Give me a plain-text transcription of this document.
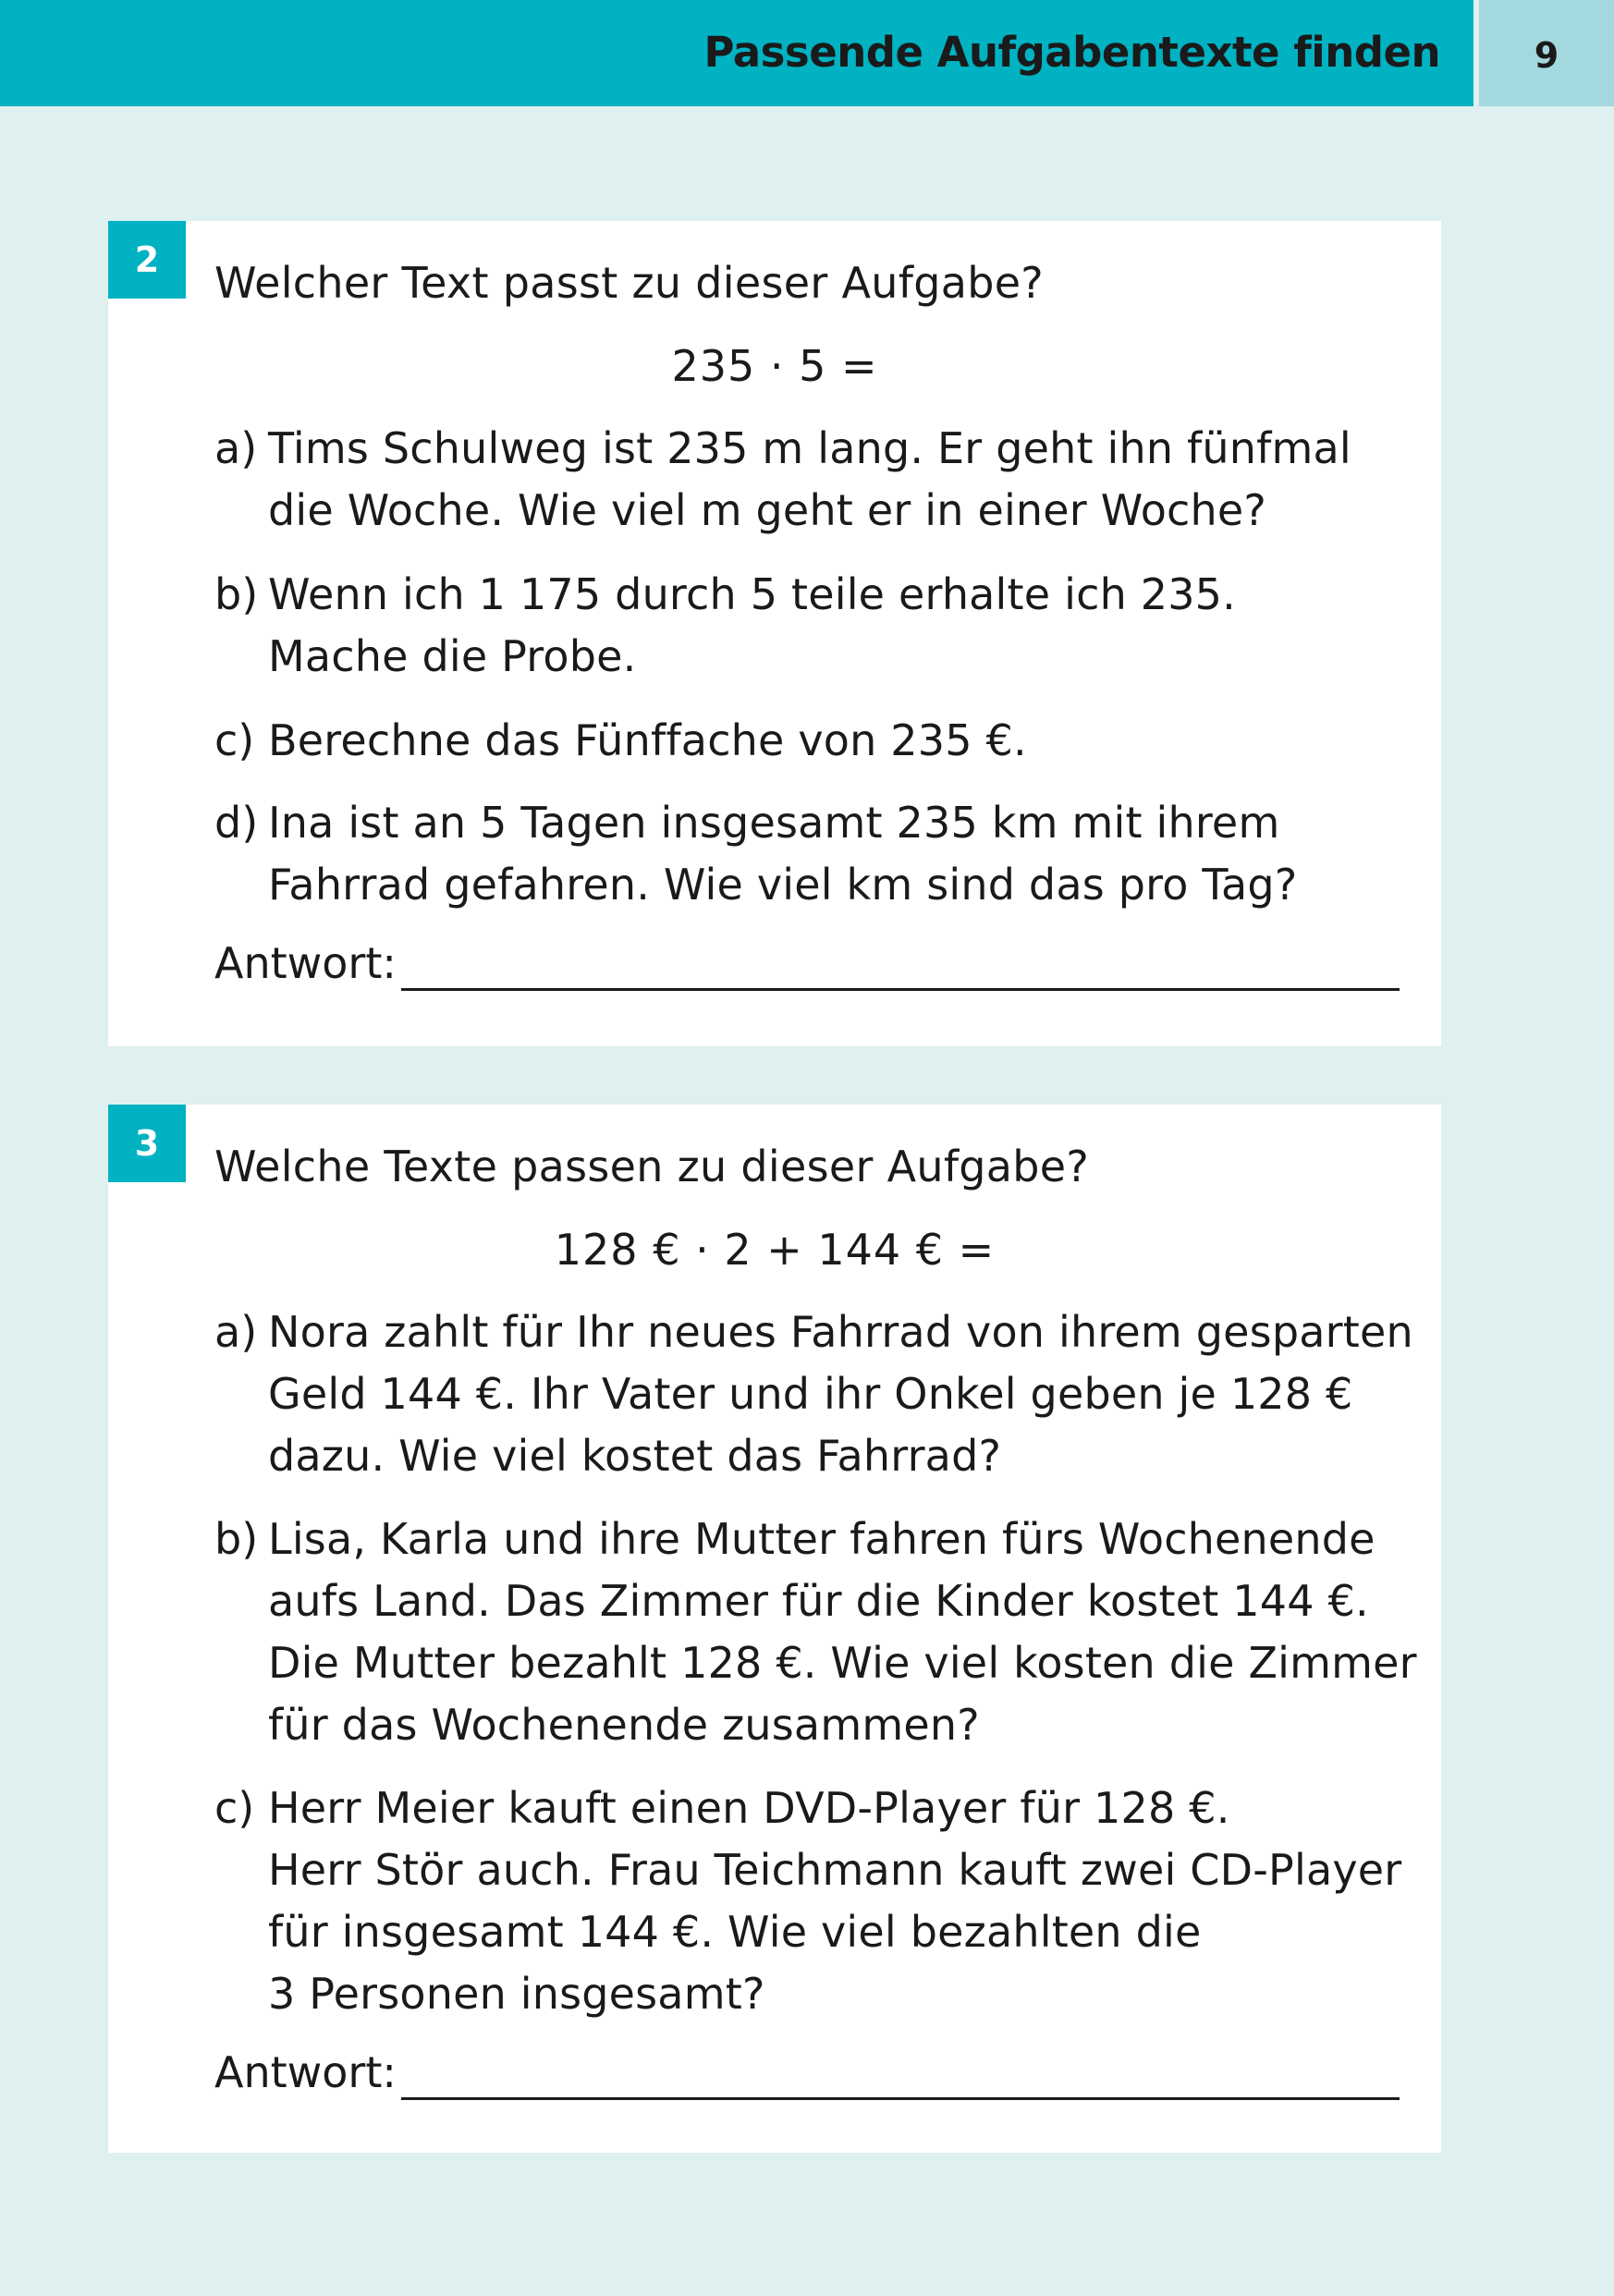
Passende Aufgabentexte finden	9
2	Welcher Text passt zu dieser Aufgabe?
235 · 5 =
a) Tims Schulweg ist 235 m lang. Er geht ihn fünfmal
die Woche. Wie viel m geht er in einer Woche?
b) Wenn ich 1 175 durch 5 teile erhalte ich 235.
Mache die Probe.
c) Berechne das Fünffache von 235 €.
d) Ina ist an 5 Tagen insgesamt 235 km mit ihrem
Fahrrad gefahren. Wie viel km sind das pro Tag?
Antwort:
3	Welche Texte passen zu dieser Aufgabe?
128 € · 2 + 144 € =
a) Nora zahlt für Ihr neues Fahrrad von ihrem gesparten
Geld 144 €. Ihr Vater und ihr Onkel geben je 128 €
dazu. Wie viel kostet das Fahrrad?
b) Lisa, Karla und ihre Mutter fahren fürs Wochenende
aufs Land. Das Zimmer für die Kinder kostet 144 €.
Die Mutter bezahlt 128 €. Wie viel kosten die Zimmer
für das Wochenende zusammen?
c) Herr Meier kauft einen DVD-Player für 128 €.
Herr Stör auch. Frau Teichmann kauft zwei CD-Player
für insgesamt 144 €. Wie viel bezahlten die
3 Personen insgesamt?
Antwort:
